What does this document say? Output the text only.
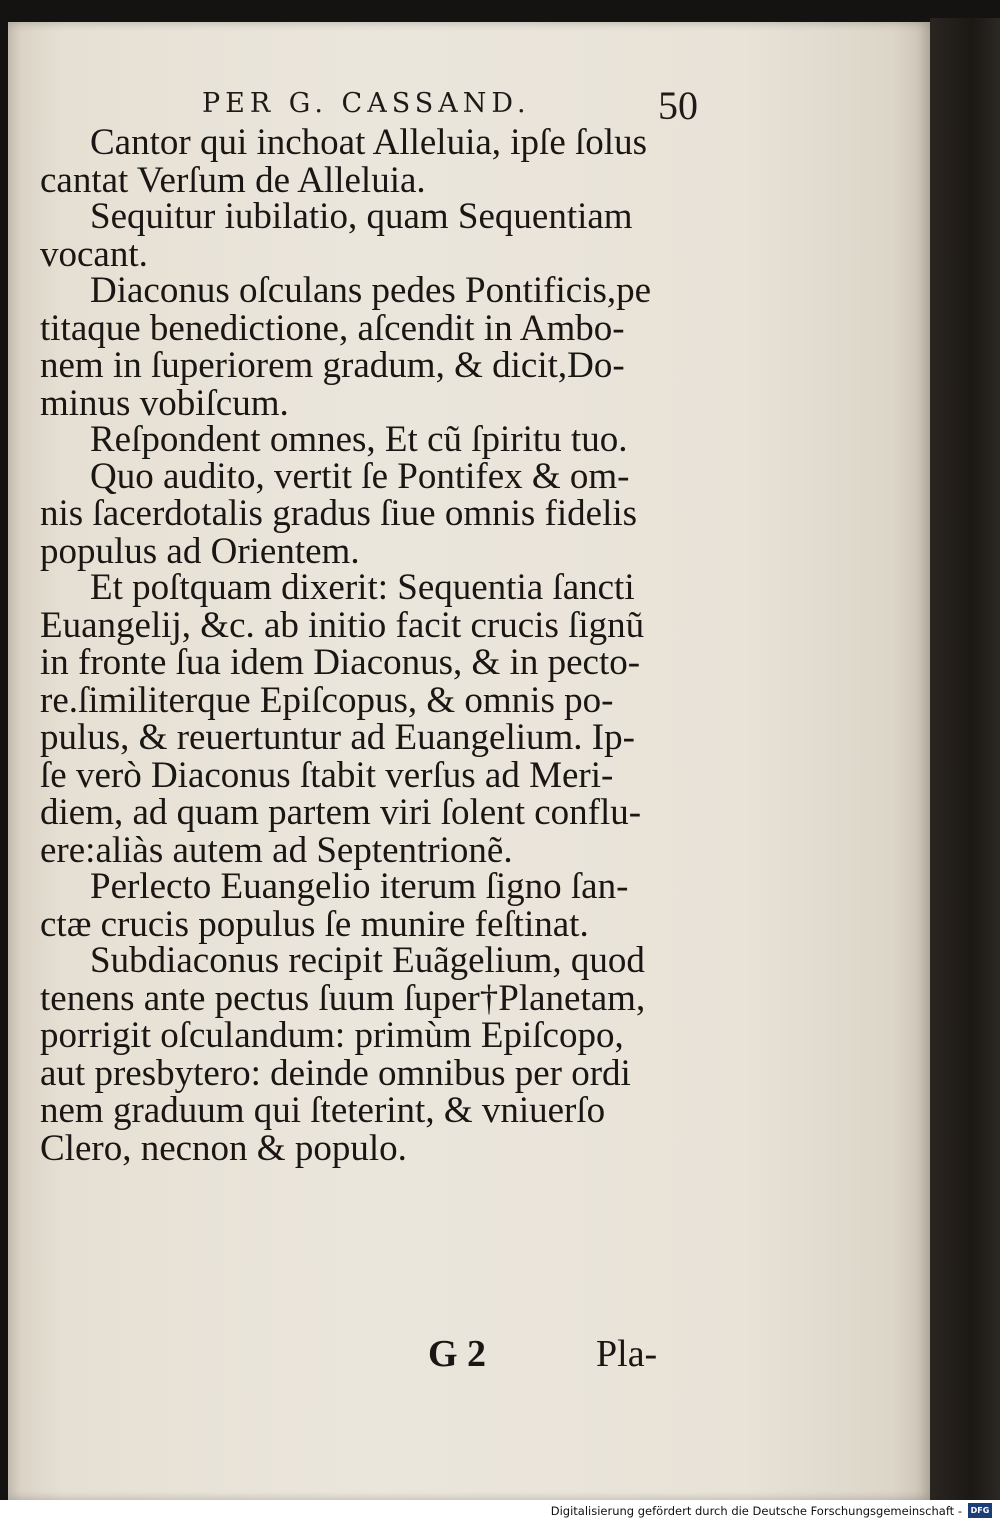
PER G. CASSAND.	50
Cantor qui inchoat Alleluia, ipſe ſolus
cantat Verſum de Alleluia.
Sequitur iubilatio, quam Sequentiam
vocant.
Diaconus oſculans pedes Pontificis,pe
titaque benedictione, aſcendit in Ambo-
nem in ſuperiorem gradum, & dicit,Do-
minus vobiſcum.
Reſpondent omnes, Et cũ ſpiritu tuo.
Quo audito, vertit ſe Pontifex & om-
nis ſacerdotalis gradus ſiue omnis fidelis
populus ad Orientem.
Et poſtquam dixerit: Sequentia ſancti
Euangelij, &c. ab initio facit crucis ſignũ
in fronte ſua idem Diaconus, & in pecto-
re.ſimiliterque Epiſcopus, & omnis po-
pulus, & reuertuntur ad Euangelium. Ip-
ſe verò Diaconus ſtabit verſus ad Meri-
diem, ad quam partem viri ſolent conflu-
ere:aliàs autem ad Septentrionẽ.
Perlecto Euangelio iterum ſigno ſan-
ctæ crucis populus ſe munire feſtinat.
Subdiaconus recipit Euãgelium, quod
tenens ante pectus ſuum ſuper†Planetam,
porrigit oſculandum: primùm Epiſcopo,
aut presbytero: deinde omnibus per ordi
nem graduum qui ſteterint, & vniuerſo
Clero, necnon & populo.
G 2	Pla-
Digitalisierung gefördert durch die Deutsche Forschungsgemeinschaft -	DFG
